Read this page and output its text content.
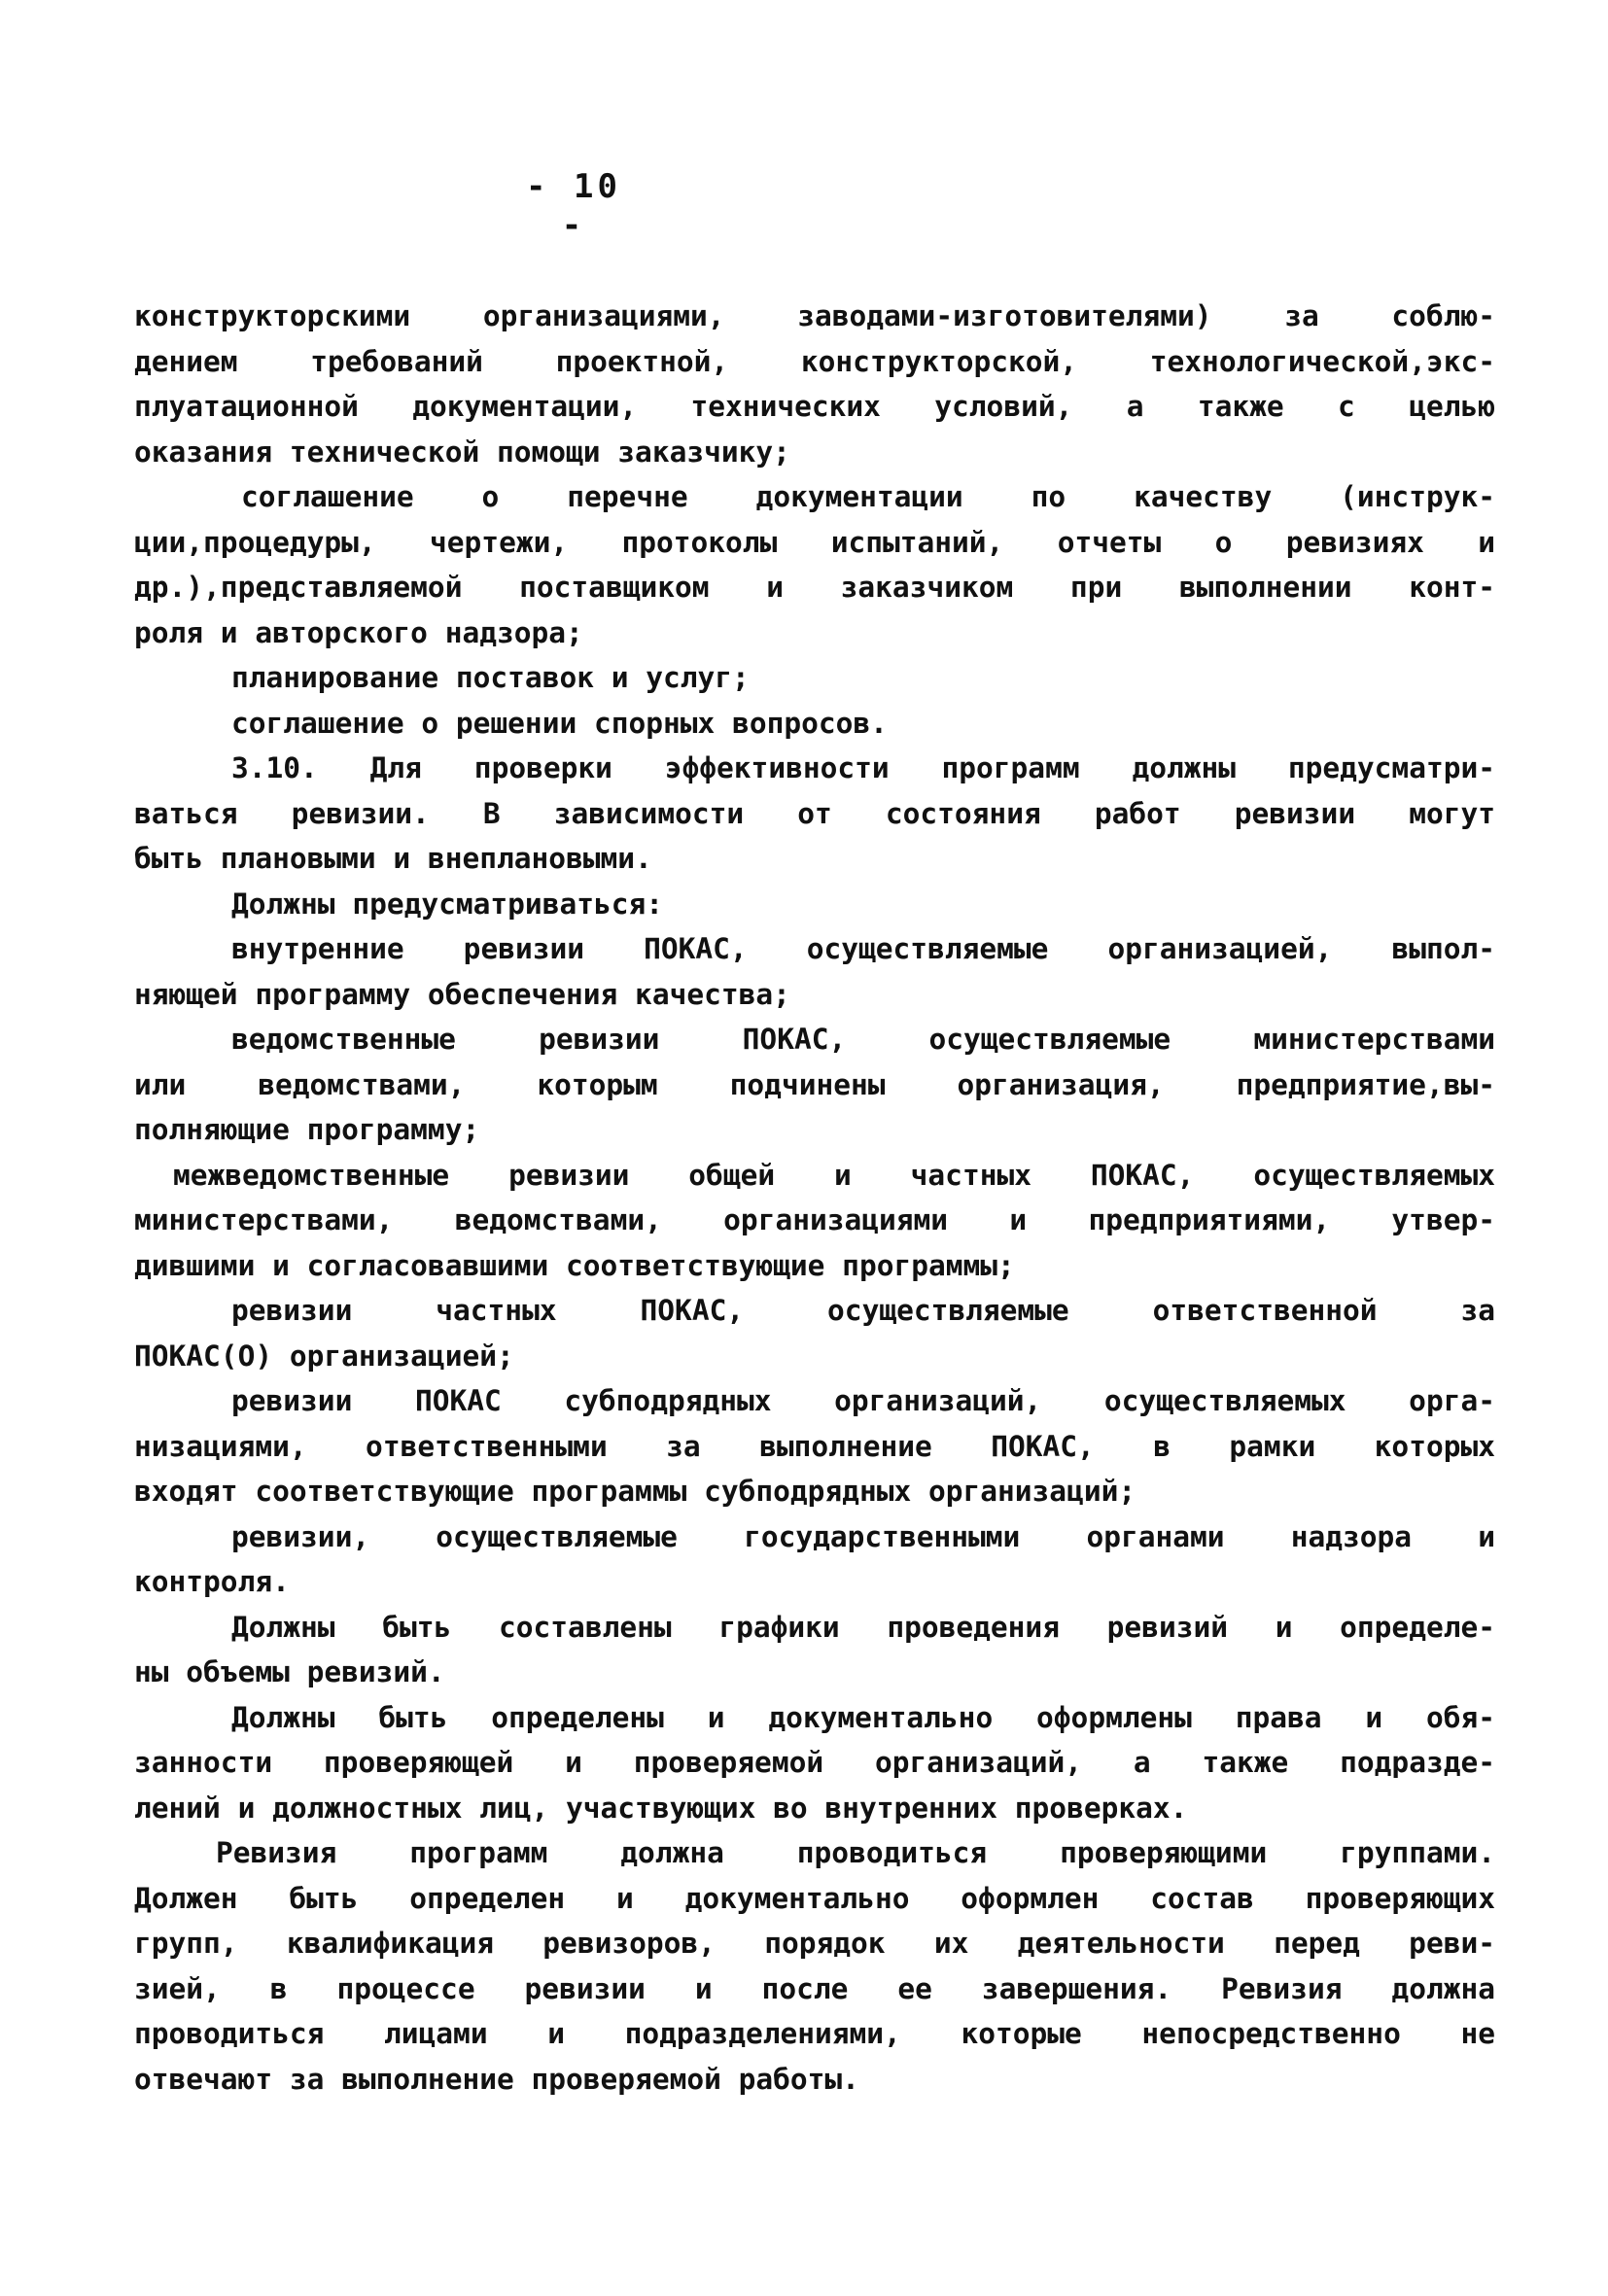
- 10 -
конструкторскими организациями, заводами-изготовителями) за соблю-
дением требований проектной, конструкторской, технологической,экс-
плуатационной документации, технических условий, а также с целью
оказания технической помощи заказчику;
соглашение о перечне документации по качеству (инструк-
ции,процедуры, чертежи, протоколы испытаний, отчеты о ревизиях и
др.),представляемой поставщиком и заказчиком при выполнении конт-
роля и авторского надзора;
планирование поставок и услуг;
соглашение о решении спорных вопросов.
3.10. Для проверки эффективности программ должны предусматри-
ваться ревизии. В зависимости от состояния работ ревизии могут
быть плановыми и внеплановыми.
Должны предусматриваться:
внутренние ревизии ПОКАС, осуществляемые организацией, выпол-
няющей программу обеспечения качества;
ведомственные ревизии ПОКАС, осуществляемые министерствами
или ведомствами, которым подчинены организация, предприятие,вы-
полняющие программу;
межведомственные ревизии общей и частных ПОКАС, осуществляемых
министерствами, ведомствами, организациями и предприятиями, утвер-
дившими и согласовавшими соответствующие программы;
ревизии частных ПОКАС, осуществляемые ответственной за
ПОКАС(О) организацией;
ревизии ПОКАС субподрядных организаций, осуществляемых орга-
низациями, ответственными за выполнение ПОКАС, в рамки которых
входят соответствующие программы субподрядных организаций;
ревизии, осуществляемые государственными органами надзора и
контроля.
Должны быть составлены графики проведения ревизий и определе-
ны объемы ревизий.
Должны быть определены и документально оформлены права и обя-
занности проверяющей и проверяемой организаций, а также подразде-
лений и должностных лиц, участвующих во внутренних проверках.
Ревизия программ должна проводиться проверяющими группами.
Должен быть определен и документально оформлен состав проверяющих
групп, квалификация ревизоров, порядок их деятельности перед реви-
зией, в процессе ревизии и после ее завершения. Ревизия должна
проводиться лицами и подразделениями, которые непосредственно не
отвечают за выполнение проверяемой работы.
